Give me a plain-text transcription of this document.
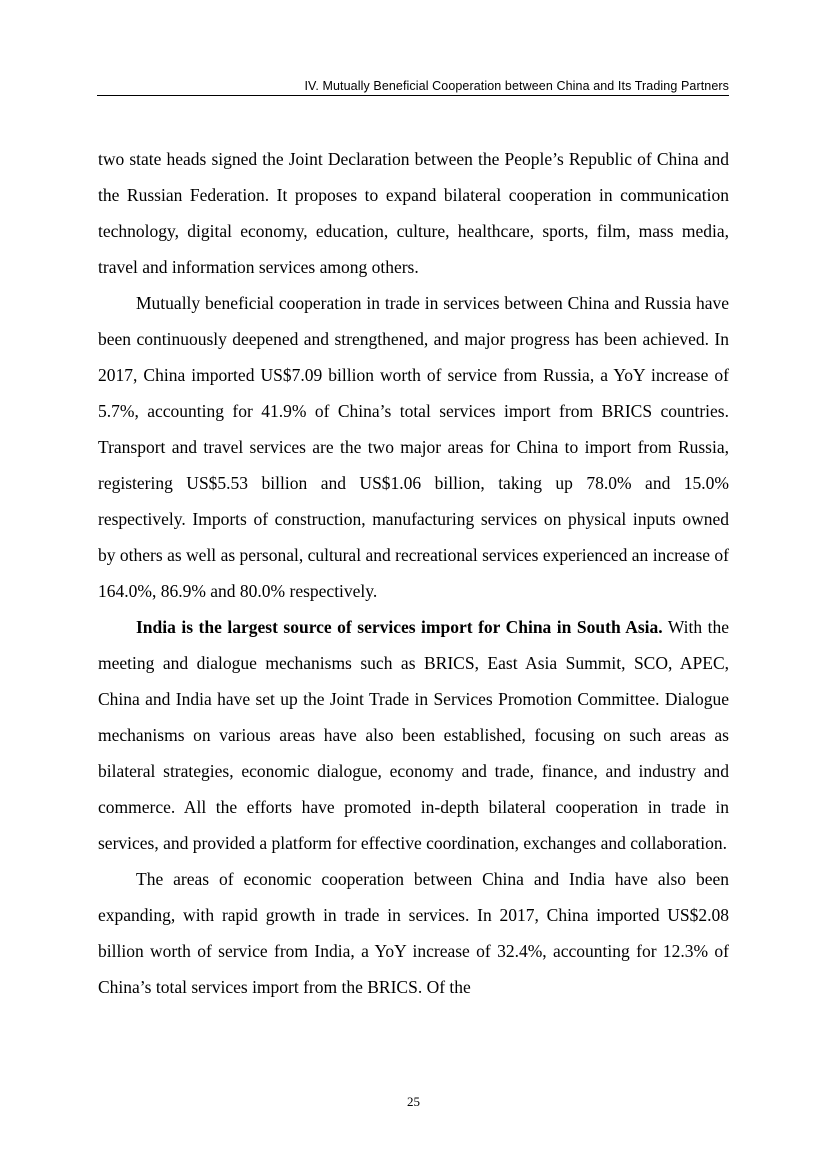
IV. Mutually Beneficial Cooperation between China and Its Trading Partners

two state heads signed the Joint Declaration between the People’s Republic of China and the Russian Federation. It proposes to expand bilateral cooperation in communication technology, digital economy, education, culture, healthcare, sports, film, mass media, travel and information services among others.

Mutually beneficial cooperation in trade in services between China and Russia have been continuously deepened and strengthened, and major progress has been achieved. In 2017, China imported US$7.09 billion worth of service from Russia, a YoY increase of 5.7%, accounting for 41.9% of China’s total services import from BRICS countries. Transport and travel services are the two major areas for China to import from Russia, registering US$5.53 billion and US$1.06 billion, taking up 78.0% and 15.0% respectively. Imports of construction, manufacturing services on physical inputs owned by others as well as personal, cultural and recreational services experienced an increase of 164.0%, 86.9% and 80.0% respectively.

India is the largest source of services import for China in South Asia. With the meeting and dialogue mechanisms such as BRICS, East Asia Summit, SCO, APEC, China and India have set up the Joint Trade in Services Promotion Committee. Dialogue mechanisms on various areas have also been established, focusing on such areas as bilateral strategies, economic dialogue, economy and trade, finance, and industry and commerce. All the efforts have promoted in-depth bilateral cooperation in trade in services, and provided a platform for effective coordination, exchanges and collaboration.

The areas of economic cooperation between China and India have also been expanding, with rapid growth in trade in services. In 2017, China imported US$2.08 billion worth of service from India, a YoY increase of 32.4%, accounting for 12.3% of China’s total services import from the BRICS. Of the

25
